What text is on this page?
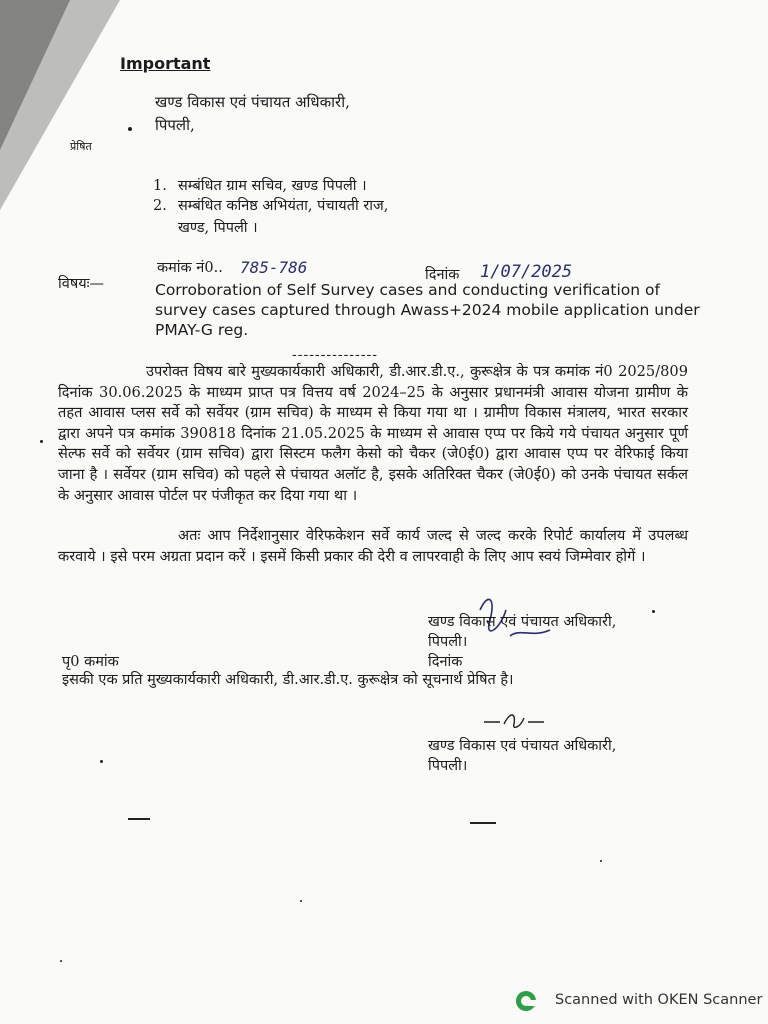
Important
खण्ड विकास एवं पंचायत अधिकारी,
पिपली,
प्रेषित
1. सम्बंधित ग्राम सचिव, खण्ड पिपली ।
2. सम्बंधित कनिष्ठ अभियंता, पंचायती राज,
खण्ड, पिपली ।
कमांक नं0.. 785-786	दिनांक 1/07/2025
विषयः—	Corroboration of Self Survey cases and conducting verification of
survey cases captured through Awass+2024 mobile application under
PMAY-G reg.
---------------

उपरोक्त विषय बारे मुख्यकार्यकारी अधिकारी, डी.आर.डी.ए., कुरूक्षेत्र के पत्र कमांक नं0 2025/809 दिनांक 30.06.2025 के माध्यम प्राप्त पत्र वित्तय वर्ष 2024–25 के अनुसार प्रधानमंत्री आवास योजना ग्रामीण के तहत आवास प्लस सर्वे को सर्वेयर (ग्राम सचिव) के माध्यम से किया गया था । ग्रामीण विकास मंत्रालय, भारत सरकार द्वारा अपने पत्र कमांक 390818 दिनांक 21.05.2025 के माध्यम से आवास एप्प पर किये गये पंचायत अनुसार पूर्ण सेल्फ सर्वे को सर्वेयर (ग्राम सचिव) द्वारा सिस्टम फलैग केसो को चैकर (जे0ई0) द्वारा आवास एप्प पर वेरिफाई किया जाना है । सर्वेयर (ग्राम सचिव) को पहले से पंचायत अलॉट है, इसके अतिरिक्त चैकर (जे0ई0) को उनके पंचायत सर्कल के अनुसार आवास पोर्टल पर पंजीकृत कर दिया गया था ।

अतः आप निर्देशानुसार वेरिफकेशन सर्वे कार्य जल्द से जल्द करके रिपोर्ट कार्यालय में उपलब्ध करवाये । इसे परम अग्रता प्रदान करें । इसमें किसी प्रकार की देरी व लापरवाही के लिए आप स्वयं जिम्मेवार होगें ।

खण्ड विकास एवं पंचायत अधिकारी,
पिपली।
पृ0 कमांक	दिनांक
इसकी एक प्रति मुख्यकार्यकारी अधिकारी, डी.आर.डी.ए. कुरूक्षेत्र को सूचनार्थ प्रेषित है।
खण्ड विकास एवं पंचायत अधिकारी,
पिपली।
Scanned with OKEN Scanner
